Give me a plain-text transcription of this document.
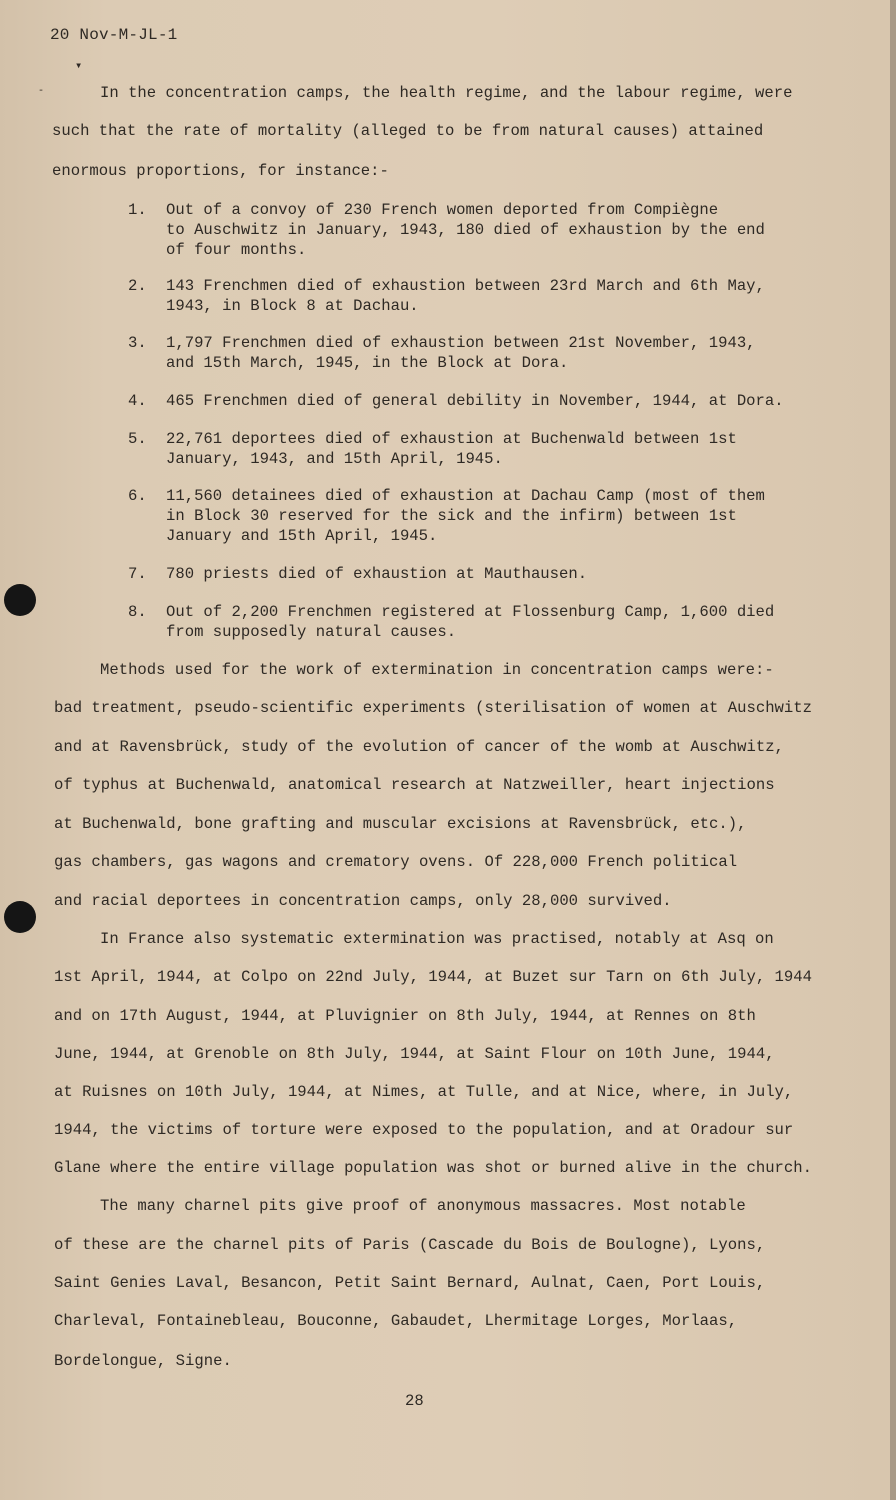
20 Nov-M-JL-1
▾
-	In the concentration camps, the health regime, and the labour regime, were
such that the rate of mortality (alleged to be from natural causes) attained
enormous proportions, for instance:-
1.	Out of a convoy of 230 French women deported from Compiègne
to Auschwitz in January, 1943, 180 died of exhaustion by the end
of four months.
2.	143 Frenchmen died of exhaustion between 23rd March and 6th May,
1943, in Block 8 at Dachau.
3.	1,797 Frenchmen died of exhaustion between 21st November, 1943,
and 15th March, 1945, in the Block at Dora.
4.	465 Frenchmen died of general debility in November, 1944, at Dora.
5.	22,761 deportees died of exhaustion at Buchenwald between 1st
January, 1943, and 15th April, 1945.
6.	11,560 detainees died of exhaustion at Dachau Camp (most of them
in Block 30 reserved for the sick and the infirm) between 1st
January and 15th April, 1945.
7.	780 priests died of exhaustion at Mauthausen.
8.	Out of 2,200 Frenchmen registered at Flossenburg Camp, 1,600 died
from supposedly natural causes.
Methods used for the work of extermination in concentration camps were:-
bad treatment, pseudo-scientific experiments (sterilisation of women at Auschwitz
and at Ravensbrück, study of the evolution of cancer of the womb at Auschwitz,
of typhus at Buchenwald, anatomical research at Natzweiller, heart injections
at Buchenwald, bone grafting and muscular excisions at Ravensbrück, etc.),
gas chambers, gas wagons and crematory ovens. Of 228,000 French political
and racial deportees in concentration camps, only 28,000 survived.
In France also systematic extermination was practised, notably at Asq on
1st April, 1944, at Colpo on 22nd July, 1944, at Buzet sur Tarn on 6th July, 1944
and on 17th August, 1944, at Pluvignier on 8th July, 1944, at Rennes on 8th
June, 1944, at Grenoble on 8th July, 1944, at Saint Flour on 10th June, 1944,
at Ruisnes on 10th July, 1944, at Nimes, at Tulle, and at Nice, where, in July,
1944, the victims of torture were exposed to the population, and at Oradour sur
Glane where the entire village population was shot or burned alive in the church.
The many charnel pits give proof of anonymous massacres. Most notable
of these are the charnel pits of Paris (Cascade du Bois de Boulogne), Lyons,
Saint Genies Laval, Besancon, Petit Saint Bernard, Aulnat, Caen, Port Louis,
Charleval, Fontainebleau, Bouconne, Gabaudet, Lhermitage Lorges, Morlaas,
Bordelongue, Signe.
28
